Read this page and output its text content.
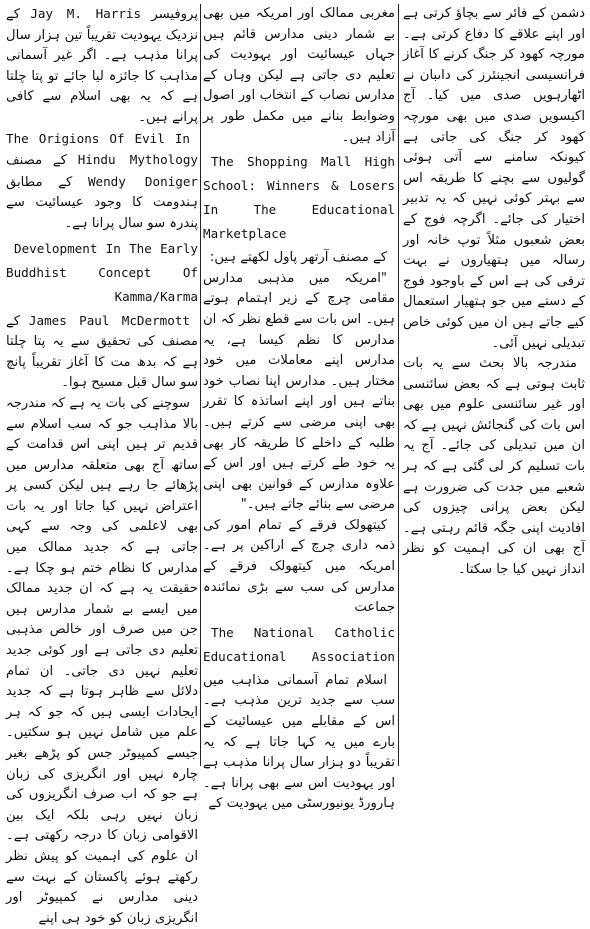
دشمن کے فائر سے بچاؤ کرتی ہے اور اپنے علاقے کا دفاع کرتی ہے۔ مورچہ کھود کر جنگ کرنے کا آغاز فرانسیسی انجینئرز کی داںبان نے اٹھارہویں صدی میں کیا۔ آج اکیسویں صدی میں بھی مورچہ کھود کر جنگ کی جاتی ہے کیونکہ سامنے سے آتی ہوئی گولیوں سے بچنے کا طریقہ اس سے بہتر کوئی نہیں کہ یہ تدبیر اختیار کی جائے۔ اگرچہ فوج کے بعض شعبوں مثلاً توپ خانہ اور رسالہ میں ہتھیاروں نے بہت ترقی کی ہے اس کے باوجود فوج کے دستے میں جو ہتھیار استعمال کیے جاتے ہیں ان میں کوئی خاص تبدیلی نہیں آئی۔

مندرجہ بالا بحث سے یہ بات ثابت ہوتی ہے کہ بعض سائنسی اور غیر سائنسی علوم میں بھی اس بات کی گنجائش نہیں ہے کہ ان میں تبدیلی کی جائے۔ آج یہ بات تسلیم کر لی گئی ہے کہ ہر شعبے میں جدت کی ضرورت ہے لیکن بعض پرانی چیزوں کی افادیت اپنی جگہ قائم رہتی ہے۔ آج بھی ان کی اہمیت کو نظر انداز نہیں کیا جا سکتا۔

مغربی ممالک اور امریکہ میں بھی بے شمار دینی مدارس قائم ہیں جہاں عیسائیت اور یہودیت کی تعلیم دی جاتی ہے لیکن وہاں کے مدارس نصاب کے انتخاب اور اصول وضوابط بنانے میں مکمل طور پر آزاد ہیں۔

The Shopping Mall High School: Winners & Losers In The Educational Marketplace

کے مصنف آرتھر پاول لکھتے ہیں:

"امریکہ میں مذہبی مدارس مقامی چرچ کے زیر اہتمام ہوتے ہیں۔ اس بات سے قطع نظر کہ ان مدارس کا نظم کیسا ہے، یہ مدارس اپنے معاملات میں خود مختار ہیں۔ مدارس اپنا نصاب خود بناتے ہیں اور اپنے اساتذہ کا تقرر بھی اپنی مرضی سے کرتے ہیں۔ طلبہ کے داخلے کا طریقہ کار بھی یہ خود طے کرتے ہیں اور اس کے علاوہ مدارس کے قوانین بھی اپنی مرضی سے بنائے جاتے ہیں۔"

کیتھولک فرقے کے تمام امور کی ذمہ داری چرچ کے اراکین پر ہے۔ امریکہ میں کیتھولک فرقے کے مدارس کی سب سے بڑی نمائندہ جماعت

The National Catholic Educational Association

اسلام تمام آسمانی مذاہب میں سب سے جدید ترین مذہب ہے۔ اس کے مقابلے میں عیسائیت کے بارے میں یہ کہا جاتا ہے کہ یہ تقریباً دو ہزار سال پرانا مذہب ہے اور یہودیت اس سے بھی پرانا ہے۔ ہارورڈ یونیورسٹی میں یہودیت کے

پروفیسر Jay M. Harris کے نزدیک یہودیت تقریباً تین ہزار سال پرانا مذہب ہے۔ اگر غیر آسمانی مذاہب کا جائزہ لیا جائے تو پتا چلتا ہے کہ یہ بھی اسلام سے کافی پرانے ہیں۔

The Origions Of Evil In Hindu Mythology کے مصنف Wendy Doniger کے مطابق ہندومت کا وجود عیسائیت سے پندرہ سو سال پرانا ہے۔

Development In The Early Buddhist Concept Of Kamma/Karma

James Paul McDermott کے مصنف کی تحقیق سے یہ پتا چلتا ہے کہ بدھ مت کا آغاز تقریباً پانچ سو سال قبل مسیح ہوا۔

سوچنے کی بات یہ ہے کہ مندرجہ بالا مذاہب جو کہ سب اسلام سے قدیم تر ہیں اپنی اس قدامت کے ساتھ آج بھی متعلقہ مدارس میں پڑھائے جا رہے ہیں لیکن کسی پر اعتراض نہیں کیا جاتا اور یہ بات بھی لاعلمی کی وجہ سے کہی جاتی ہے کہ جدید ممالک میں مدارس کا نظام ختم ہو چکا ہے۔ حقیقت یہ ہے کہ ان جدید ممالک میں ایسے بے شمار مدارس ہیں جن میں صرف اور خالص مذہبی تعلیم دی جاتی ہے اور کوئی جدید تعلیم نہیں دی جاتی۔ ان تمام دلائل سے ظاہر ہوتا ہے کہ جدید ایجادات ایسی ہیں کہ جو کہ ہر علم میں شامل نہیں ہو سکتیں۔ جیسے کمپیوٹر جس کو پڑھے بغیر چارہ نہیں اور انگریزی کی زبان ہے جو کہ اب صرف انگریزوں کی زبان نہیں رہی بلکہ ایک بین الاقوامی زبان کا درجہ رکھتی ہے۔ ان علوم کی اہمیت کو پیش نظر رکھتے ہوئے پاکستان کے بہت سے دینی مدارس نے کمپیوٹر اور انگریزی زبان کو خود ہی اپنے
